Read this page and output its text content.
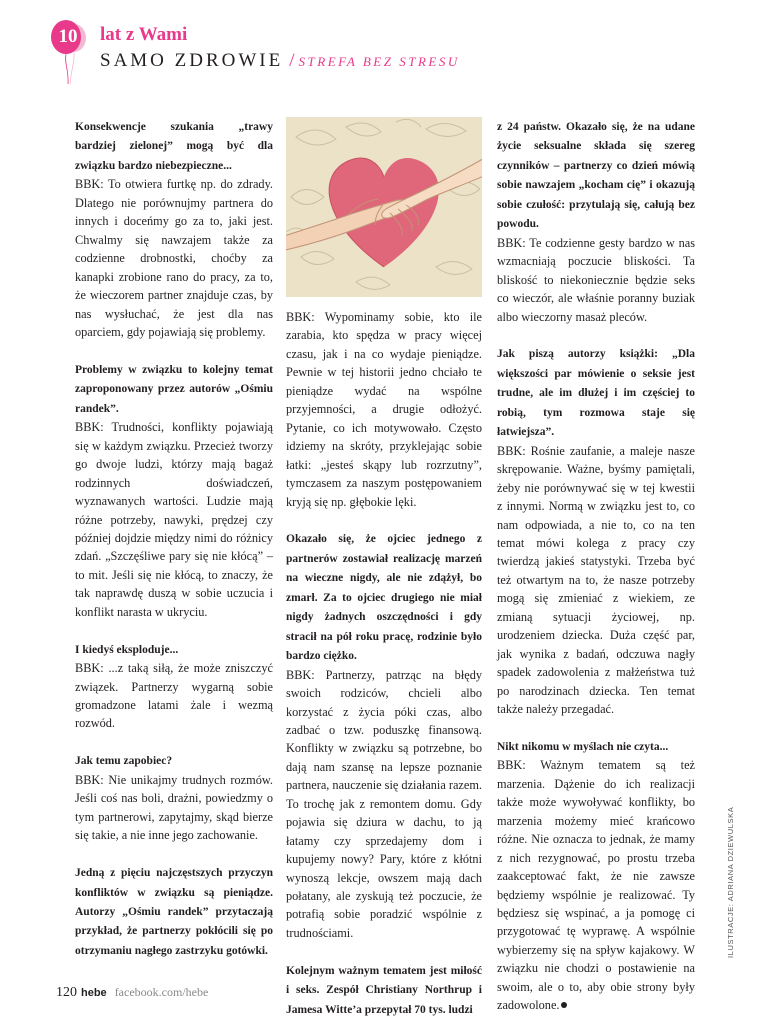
10 lat z Wami
SAMO ZDROWIE / STREFA BEZ STRESU

Konsekwencje szukania „trawy bardziej zielonej” mogą być dla związku bardzo niebezpieczne...
BBK: To otwiera furtkę np. do zdrady. Dlatego nie porównujmy partnera do innych i doceńmy go za to, jaki jest. Chwalmy się nawzajem także za codzienne drobnostki, choćby za kanapki zrobione rano do pracy, za to, że wieczorem partner znajduje czas, by nas wysłuchać, że jest dla nas oparciem, gdy pojawiają się problemy.

Problemy w związku to kolejny temat zaproponowany przez autorów „Ośmiu randek”.
BBK: Trudności, konflikty pojawiają się w każdym związku. Przecież tworzy go dwoje ludzi, którzy mają bagaż rodzinnych doświadczeń, wyznawanych wartości. Ludzie mają różne potrzeby, nawyki, prędzej czy później dojdzie między nimi do różnicy zdań. „Szczęśliwe pary się nie kłócą” – to mit. Jeśli się nie kłócą, to znaczy, że tak naprawdę duszą w sobie uczucia i konflikt narasta w ukryciu.

I kiedyś eksploduje...
BBK: ...z taką siłą, że może zniszczyć związek. Partnerzy wygarną sobie gromadzone latami żale i wezmą rozwód.

Jak temu zapobiec?
BBK: Nie unikajmy trudnych rozmów. Jeśli coś nas boli, drażni, powiedzmy o tym partnerowi, zapytajmy, skąd bierze się takie, a nie inne jego zachowanie.

Jedną z pięciu najczęstszych przyczyn konfliktów w związku są pieniądze. Autorzy „Ośmiu randek” przytaczają przykład, że partnerzy pokłócili się po otrzymaniu nagłego zastrzyku gotówki.

BBK: Wypominamy sobie, kto ile zarabia, kto spędza w pracy więcej czasu, jak i na co wydaje pieniądze. Pewnie w tej historii jedno chciało te pieniądze wydać na wspólne przyjemności, a drugie odłożyć. Pytanie, co ich motywowało. Często idziemy na skróty, przyklejając sobie łatki: „jesteś skąpy lub rozrzutny”, tymczasem za naszym postępowaniem kryją się np. głębokie lęki.

Okazało się, że ojciec jednego z partnerów zostawiał realizację marzeń na wieczne nigdy, ale nie zdążył, bo zmarł. Za to ojciec drugiego nie miał nigdy żadnych oszczędności i gdy stracił na pół roku pracę, rodzinie było bardzo ciężko.
BBK: Partnerzy, patrząc na błędy swoich rodziców, chcieli albo korzystać z życia póki czas, albo zadbać o tzw. poduszkę finansową. Konflikty w związku są potrzebne, bo dają nam szansę na lepsze poznanie partnera, nauczenie się działania razem. To trochę jak z remontem domu. Gdy pojawia się dziura w dachu, to ją łatamy czy sprzedajemy dom i kupujemy nowy? Pary, które z kłótni wynoszą lekcje, owszem mają dach połatany, ale zyskują też poczucie, że potrafią sobie poradzić wspólnie z trudnościami.

Kolejnym ważnym tematem jest miłość i seks. Zespół Christiany Northrup i Jamesa Witte’a przepytał 70 tys. ludzi

z 24 państw. Okazało się, że na udane życie seksualne składa się szereg czynników – partnerzy co dzień mówią sobie nawzajem „kocham cię” i okazują sobie czułość: przytulają się, całują bez powodu.
BBK: Te codzienne gesty bardzo w nas wzmacniają poczucie bliskości. Ta bliskość to niekoniecznie będzie seks co wieczór, ale właśnie poranny buziak albo wieczorny masaż pleców.

Jak piszą autorzy książki: „Dla większości par mówienie o seksie jest trudne, ale im dłużej i im częściej to robią, tym rozmowa staje się łatwiejsza”.
BBK: Rośnie zaufanie, a maleje nasze skrępowanie. Ważne, byśmy pamiętali, żeby nie porównywać się w tej kwestii z innymi. Normą w związku jest to, co nam odpowiada, a nie to, co na ten temat mówi kolega z pracy czy twierdzą jakieś statystyki. Trzeba być też otwartym na to, że nasze potrzeby mogą się zmieniać z wiekiem, ze zmianą sytuacji życiowej, np. urodzeniem dziecka. Duża część par, jak wynika z badań, odczuwa nagły spadek zadowolenia z małżeństwa tuż po narodzinach dziecka. Ten temat także należy przegadać.

Nikt nikomu w myślach nie czyta...
BBK: Ważnym tematem są też marzenia. Dążenie do ich realizacji także może wywoływać konflikty, bo marzenia możemy mieć krańcowo różne. Nie oznacza to jednak, że mamy z nich rezygnować, po prostu trzeba zaakceptować fakt, że nie zawsze będziemy wspólnie je realizować. Ty będziesz się wspinać, a ja pomogę ci przygotować tę wyprawę. A wspólnie wybierzemy się na spływ kajakowy. W związku nie chodzi o postawienie na swoim, ale o to, aby obie strony były zadowolone.

ILUSTRACJE: ADRIANA DZIEWULSKA
120 hebe facebook.com/hebe
